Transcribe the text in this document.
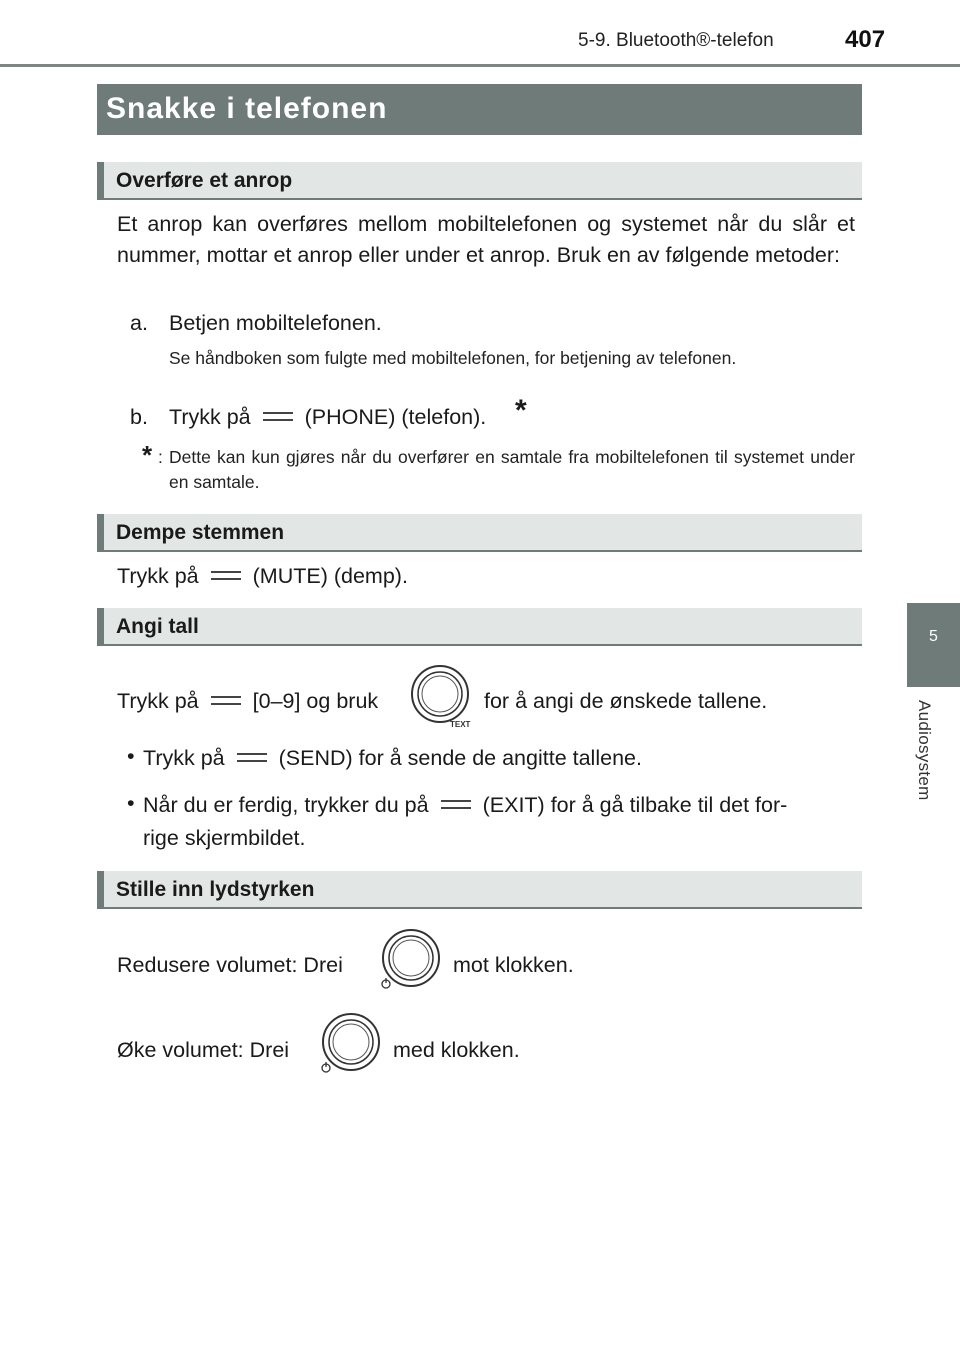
5-9. Bluetooth®-telefon	407
5
Audiosystem
Snakke i telefonen
Overføre et anrop
Et anrop kan overføres mellom mobiltelefonen og systemet når du slår et nummer, mottar et anrop eller under et anrop. Bruk en av følgende metoder:
a. Betjen mobiltelefonen.
Se håndboken som fulgte med mobiltelefonen, for betjening av telefonen.
b. Trykk på	(PHONE) (telefon). *
* : Dette kan kun gjøres når du overfører en samtale fra mobiltelefonen til systemet under en samtale.
Dempe stemmen
Trykk på	(MUTE) (demp).
Angi tall
Trykk på	[0–9] og bruk
TEXT
for å angi de ønskede tallene.
• Trykk på	(SEND) for å sende de angitte tallene.
• Når du er ferdig, trykker du på	(EXIT) for å gå tilbake til det for-
rige skjermbildet.
Stille inn lydstyrken
Redusere volumet: Drei	mot klokken.
Øke volumet: Drei	med klokken.
